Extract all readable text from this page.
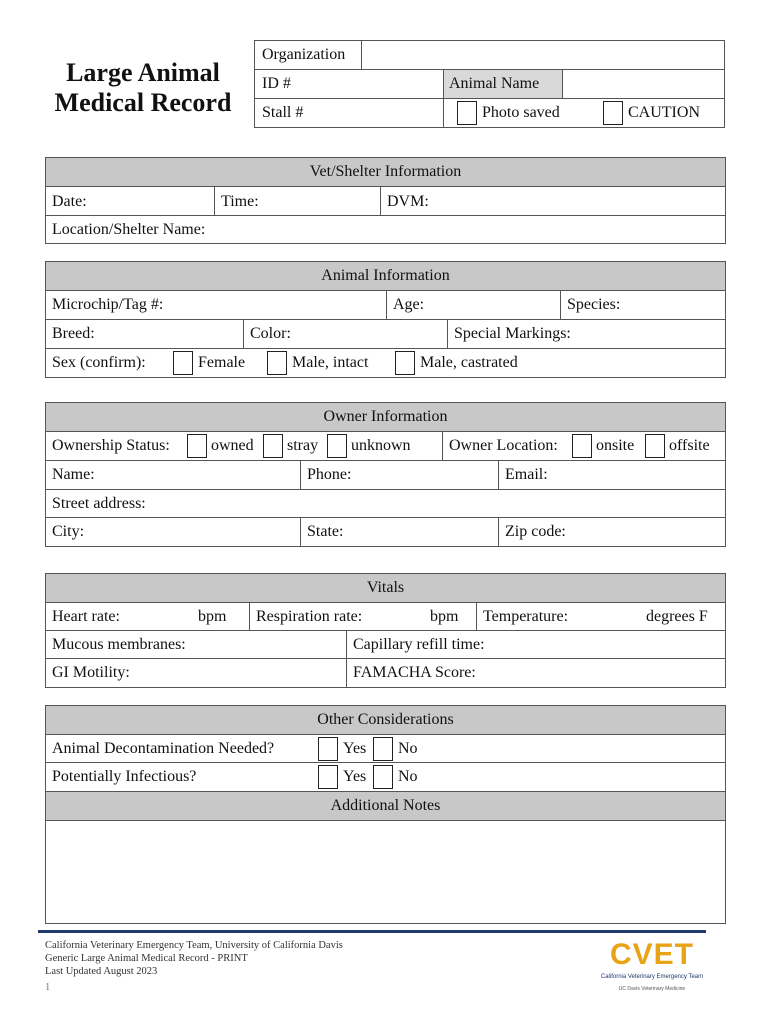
Large Animal
Medical Record
Organization
ID #	Animal Name
Stall #	Photo saved	CAUTION
Vet/Shelter Information
Date:	Time:	DVM:
Location/Shelter Name:
Animal Information
Microchip/Tag #:	Age:	Species:
Breed:	Color:	Special Markings:
Sex (confirm):	Female	Male, intact	Male, castrated
Owner Information
Ownership Status:	owned stray unknown Owner Location: onsite offsite
Name:	Phone:	Email:
Street address:
City:	State:	Zip code:
Vitals
Heart rate:	bpm Respiration rate:	bpm Temperature:	degrees F
Mucous membranes:	Capillary refill time:
GI Motility:	FAMACHA Score:
Other Considerations
Animal Decontamination Needed?	Yes No
Potentially Infectious?	Yes No
Additional Notes
California Veterinary Emergency Team, University of California Davis
Generic Large Animal Medical Record - PRINT
Last Updated August 2023
1
CVET
California Veterinary Emergency Team
UC Davis Veterinary Medicine
